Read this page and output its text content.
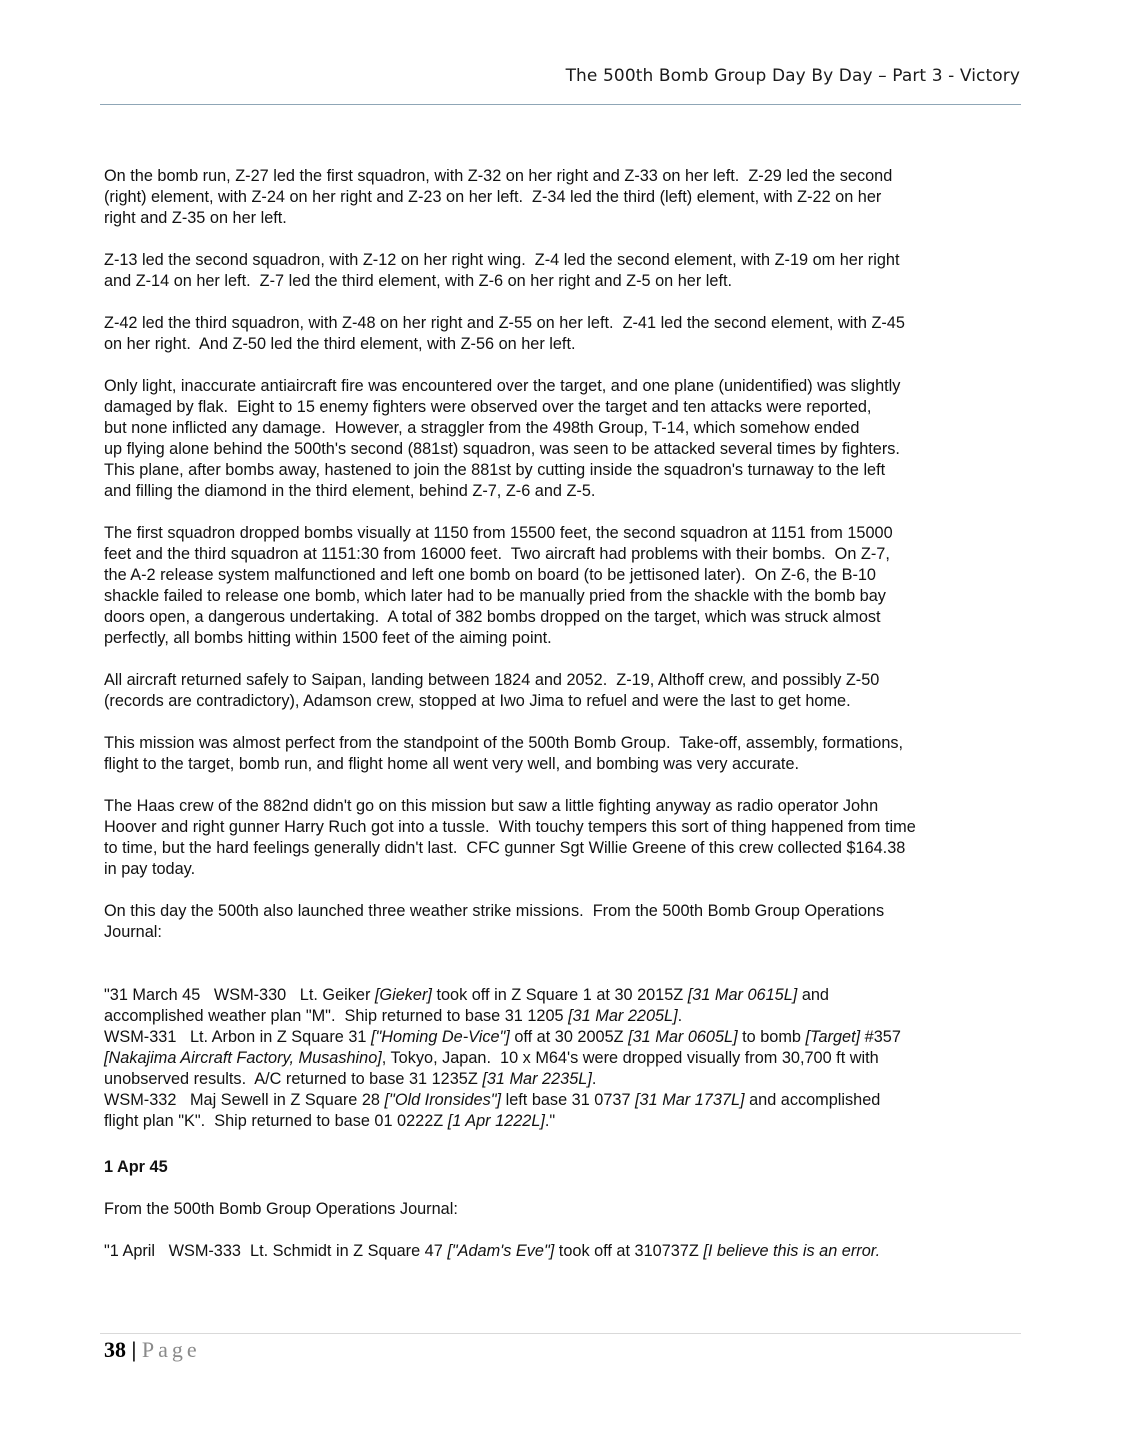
The 500th Bomb Group Day By Day – Part 3 - Victory

On the bomb run, Z-27 led the first squadron, with Z-32 on her right and Z-33 on her left.  Z-29 led the second
(right) element, with Z-24 on her right and Z-23 on her left.  Z-34 led the third (left) element, with Z-22 on her
right and Z-35 on her left.

Z-13 led the second squadron, with Z-12 on her right wing.  Z-4 led the second element, with Z-19 om her right
and Z-14 on her left.  Z-7 led the third element, with Z-6 on her right and Z-5 on her left.

Z-42 led the third squadron, with Z-48 on her right and Z-55 on her left.  Z-41 led the second element, with Z-45
on her right.  And Z-50 led the third element, with Z-56 on her left.

Only light, inaccurate antiaircraft fire was encountered over the target, and one plane (unidentified) was slightly
damaged by flak.  Eight to 15 enemy fighters were observed over the target and ten attacks were reported,
but none inflicted any damage.  However, a straggler from the 498th Group, T-14, which somehow ended
up flying alone behind the 500th's second (881st) squadron, was seen to be attacked several times by fighters.
This plane, after bombs away, hastened to join the 881st by cutting inside the squadron's turnaway to the left
and filling the diamond in the third element, behind Z-7, Z-6 and Z-5.

The first squadron dropped bombs visually at 1150 from 15500 feet, the second squadron at 1151 from 15000
feet and the third squadron at 1151:30 from 16000 feet.  Two aircraft had problems with their bombs.  On Z-7,
the A-2 release system malfunctioned and left one bomb on board (to be jettisoned later).  On Z-6, the B-10
shackle failed to release one bomb, which later had to be manually pried from the shackle with the bomb bay
doors open, a dangerous undertaking.  A total of 382 bombs dropped on the target, which was struck almost
perfectly, all bombs hitting within 1500 feet of the aiming point.

All aircraft returned safely to Saipan, landing between 1824 and 2052.  Z-19, Althoff crew, and possibly Z-50
(records are contradictory), Adamson crew, stopped at Iwo Jima to refuel and were the last to get home.

This mission was almost perfect from the standpoint of the 500th Bomb Group.  Take-off, assembly, formations,
flight to the target, bomb run, and flight home all went very well, and bombing was very accurate.

The Haas crew of the 882nd didn't go on this mission but saw a little fighting anyway as radio operator John
Hoover and right gunner Harry Ruch got into a tussle.  With touchy tempers this sort of thing happened from time
to time, but the hard feelings generally didn't last.  CFC gunner Sgt Willie Greene of this crew collected $164.38
in pay today.

On this day the 500th also launched three weather strike missions.  From the 500th Bomb Group Operations
Journal:

"31 March 45   WSM-330   Lt. Geiker [Gieker] took off in Z Square 1 at 30 2015Z [31 Mar 0615L] and
accomplished weather plan "M".  Ship returned to base 31 1205 [31 Mar 2205L].
WSM-331   Lt. Arbon in Z Square 31 ["Homing De-Vice"] off at 30 2005Z [31 Mar 0605L] to bomb [Target] #357
[Nakajima Aircraft Factory, Musashino], Tokyo, Japan.  10 x M64's were dropped visually from 30,700 ft with
unobserved results.  A/C returned to base 31 1235Z [31 Mar 2235L].
WSM-332   Maj Sewell in Z Square 28 ["Old Ironsides"] left base 31 0737 [31 Mar 1737L] and accomplished
flight plan "K".  Ship returned to base 01 0222Z [1 Apr 1222L]."

1 Apr 45

From the 500th Bomb Group Operations Journal:

"1 April   WSM-333  Lt. Schmidt in Z Square 47 ["Adam's Eve"] took off at 310737Z [I believe this is an error.

38 | Page
